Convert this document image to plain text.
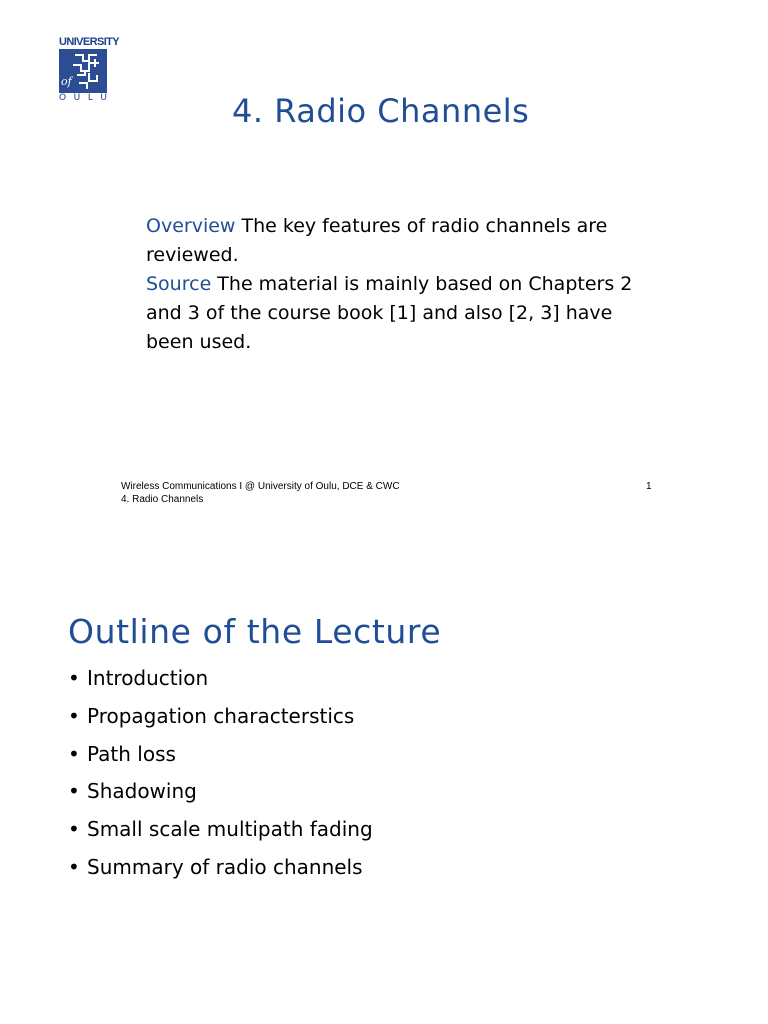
UNIVERSITY
of
O U L U	4. Radio Channels

Overview The key features of radio channels are reviewed.

Source The material is mainly based on Chapters 2 and 3 of the course book [1] and also [2, 3] have been used.

Wireless Communications I @ University of Oulu, DCE & CWC
4. Radio Channels
1
Outline of the Lecture
• Introduction
• Propagation characterstics
• Path loss
• Shadowing
• Small scale multipath fading
• Summary of radio channels
